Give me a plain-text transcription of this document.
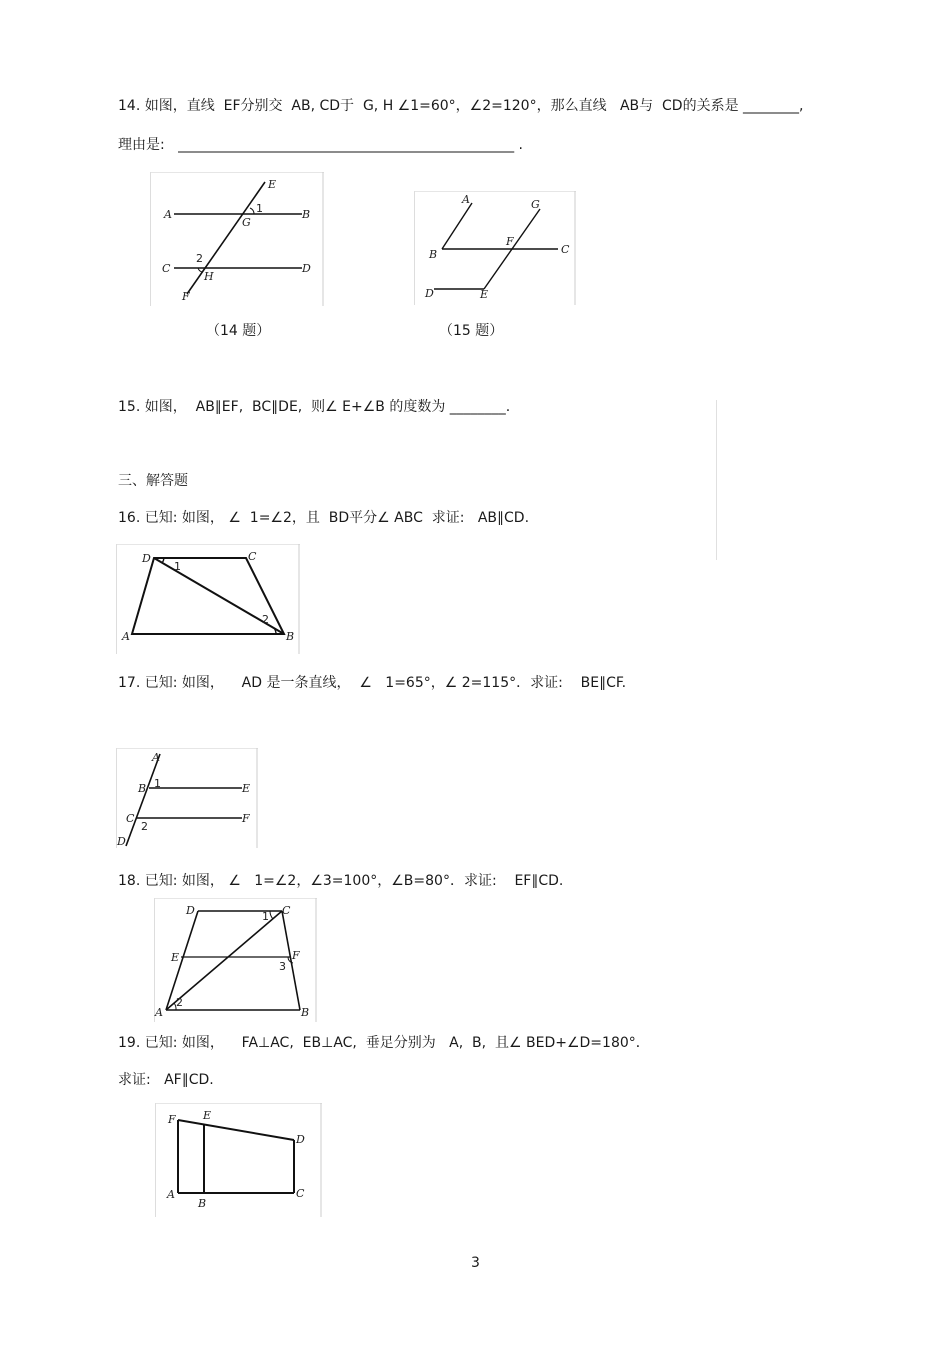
14. 如图，直线  EF分别交  AB, CD于  G, H ∠1=60°，∠2=120°，那么直线   AB与  CD的关系是 ________,
理由是:   ________________________________________________ .
A	B
C	D
E
F
G
H
1
2
（14 题）
A
B	C
D	E
F
G
（15 题）
15. 如图，  AB∥EF,  BC∥DE,  则∠ E+∠B 的度数为 ________.
三、解答题
16. 已知: 如图， ∠  1=∠2，且  BD平分∠ ABC  求证:   AB∥CD.
D	C
A	B
1
2
17. 已知: 如图，    AD 是一条直线，  ∠   1=65°，∠ 2=115°．求证:    BE∥CF.
A
B
C
D
E
F
1
2
18. 已知: 如图， ∠   1=∠2，∠3=100°，∠B=80°．求证:    EF∥CD.
D	C
E	F
A	B
1
2
3
19. 已知: 如图，    FA⊥AC,  EB⊥AC,  垂足分别为   A,  B,  且∠ BED+∠D=180°．
求证:   AF∥CD.
F E
D
A
B
C
3
